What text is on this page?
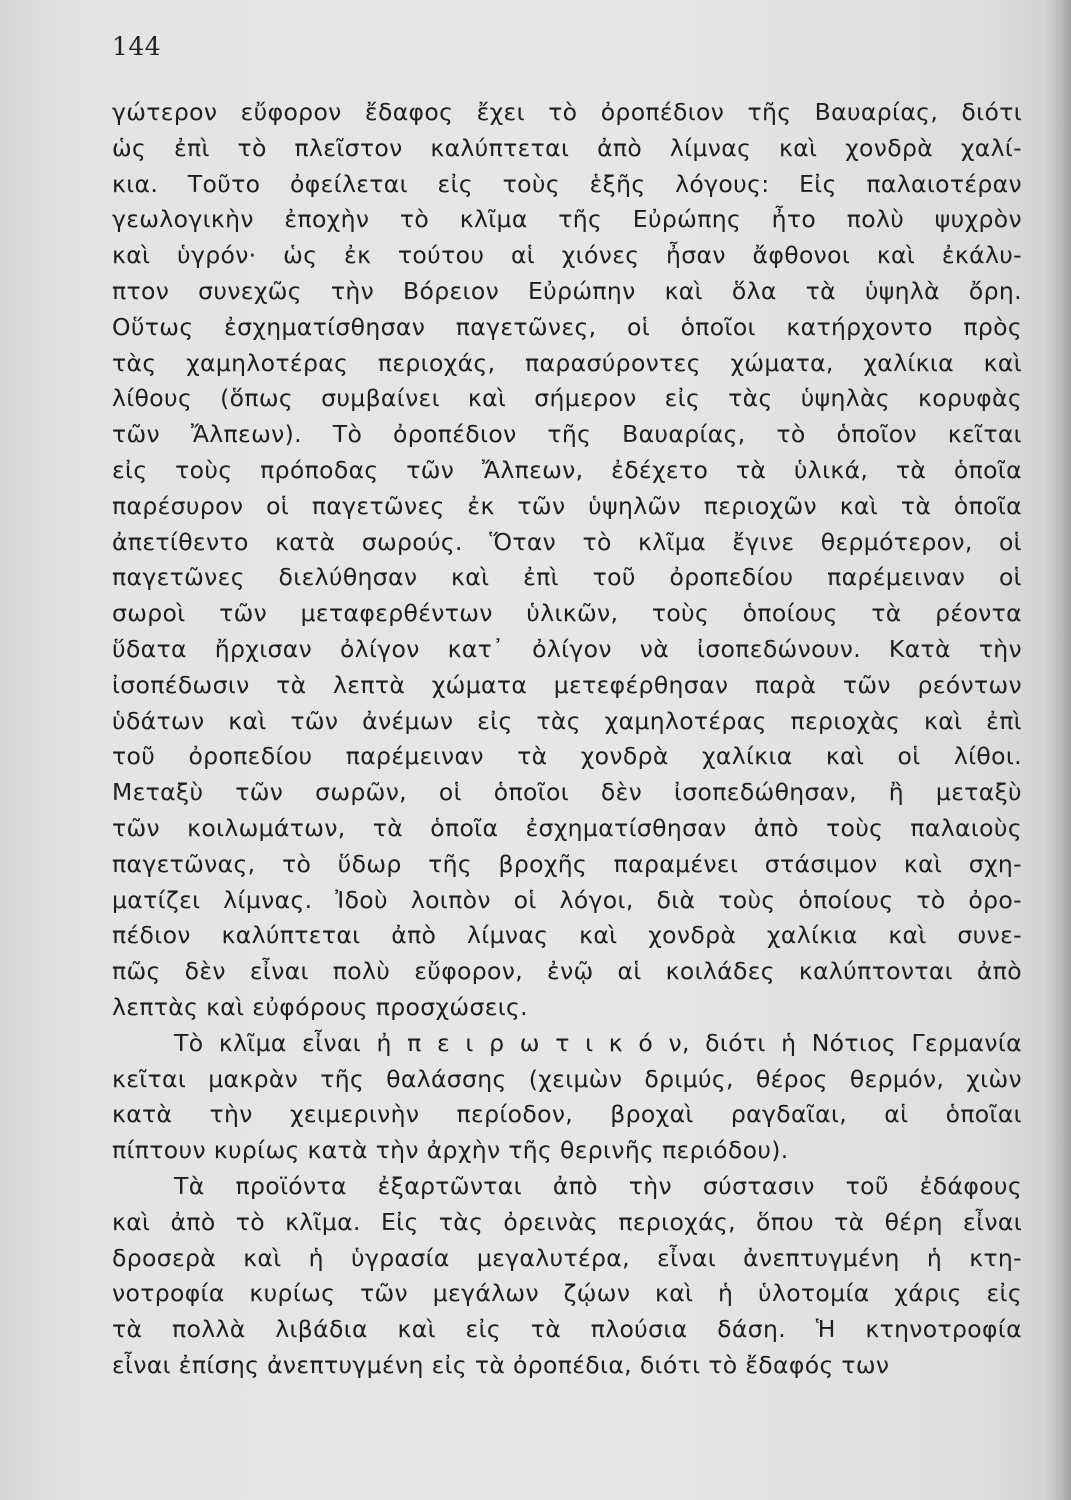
144
γώτερον εὔφορον ἔδαφος ἔχει τὸ ὀροπέδιον τῆς Βαυαρίας, διότι
ὡς ἐπὶ τὸ πλεῖστον καλύπτεται ἀπὸ λίμνας καὶ χονδρὰ χαλί-
κια. Τοῦτο ὀφείλεται εἰς τοὺς ἑξῆς λόγους: Εἰς παλαιοτέραν
γεωλογικὴν ἐποχὴν τὸ κλῖμα τῆς Εὐρώπης ἦτο πολὺ ψυχρὸν
καὶ ὑγρόν· ὡς ἐκ τούτου αἱ χιόνες ἦσαν ἄφθονοι καὶ ἐκάλυ-
πτον συνεχῶς τὴν Βόρειον Εὐρώπην καὶ ὅλα τὰ ὑψηλὰ ὄρη.
Οὕτως ἐσχηματίσθησαν παγετῶνες, οἱ ὁποῖοι κατήρχοντο πρὸς
τὰς χαμηλοτέρας περιοχάς, παρασύροντες χώματα, χαλίκια καὶ
λίθους (ὅπως συμβαίνει καὶ σήμερον εἰς τὰς ὑψηλὰς κορυφὰς
τῶν Ἄλπεων). Τὸ ὀροπέδιον τῆς Βαυαρίας, τὸ ὁποῖον κεῖται
εἰς τοὺς πρόποδας τῶν Ἄλπεων, ἐδέχετο τὰ ὑλικά, τὰ ὁποῖα
παρέσυρον οἱ παγετῶνες ἐκ τῶν ὑψηλῶν περιοχῶν καὶ τὰ ὁποῖα
ἀπετίθεντο κατὰ σωρούς. Ὅταν τὸ κλῖμα ἔγινε θερμότερον, οἱ
παγετῶνες διελύθησαν καὶ ἐπὶ τοῦ ὀροπεδίου παρέμειναν οἱ
σωροὶ τῶν μεταφερθέντων ὑλικῶν, τοὺς ὁποίους τὰ ρέοντα
ὕδατα ἤρχισαν ὀλίγον κατ᾿ ὀλίγον νὰ ἰσοπεδώνουν. Κατὰ τὴν
ἰσοπέδωσιν τὰ λεπτὰ χώματα μετεφέρθησαν παρὰ τῶν ρεόντων
ὑδάτων καὶ τῶν ἀνέμων εἰς τὰς χαμηλοτέρας περιοχὰς καὶ ἐπὶ
τοῦ ὀροπεδίου παρέμειναν τὰ χονδρὰ χαλίκια καὶ οἱ λίθοι.
Μεταξὺ τῶν σωρῶν, οἱ ὁποῖοι δὲν ἰσοπεδώθησαν, ἢ μεταξὺ
τῶν κοιλωμάτων, τὰ ὁποῖα ἐσχηματίσθησαν ἀπὸ τοὺς παλαιοὺς
παγετῶνας, τὸ ὕδωρ τῆς βροχῆς παραμένει στάσιμον καὶ σχη-
ματίζει λίμνας. Ἰδοὺ λοιπὸν οἱ λόγοι, διὰ τοὺς ὁποίους τὸ ὀρο-
πέδιον καλύπτεται ἀπὸ λίμνας καὶ χονδρὰ χαλίκια καὶ συνε-
πῶς δὲν εἶναι πολὺ εὔφορον, ἐνῷ αἱ κοιλάδες καλύπτονται ἀπὸ
λεπτὰς καὶ εὐφόρους προσχώσεις.
Τὸ κλῖμα εἶναι ἠ π ε ι ρ ω τ ι κ ό ν, διότι ἡ Νότιος Γερμανία
κεῖται μακρὰν τῆς θαλάσσης (χειμὼν δριμύς, θέρος θερμόν, χιὼν
κατὰ τὴν χειμερινὴν περίοδον, βροχαὶ ραγδαῖαι, αἱ ὁποῖαι
πίπτουν κυρίως κατὰ τὴν ἀρχὴν τῆς θερινῆς περιόδου).
Τὰ προϊόντα ἐξαρτῶνται ἀπὸ τὴν σύστασιν τοῦ ἐδάφους
καὶ ἀπὸ τὸ κλῖμα. Εἰς τὰς ὀρεινὰς περιοχάς, ὅπου τὰ θέρη εἶναι
δροσερὰ καὶ ἡ ὑγρασία μεγαλυτέρα, εἶναι ἀνεπτυγμένη ἡ κτη-
νοτροφία κυρίως τῶν μεγάλων ζῴων καὶ ἡ ὑλοτομία χάρις εἰς
τὰ πολλὰ λιβάδια καὶ εἰς τὰ πλούσια δάση. Ἡ κτηνοτροφία
εἶναι ἐπίσης ἀνεπτυγμένη εἰς τὰ ὀροπέδια, διότι τὸ ἔδαφός των
